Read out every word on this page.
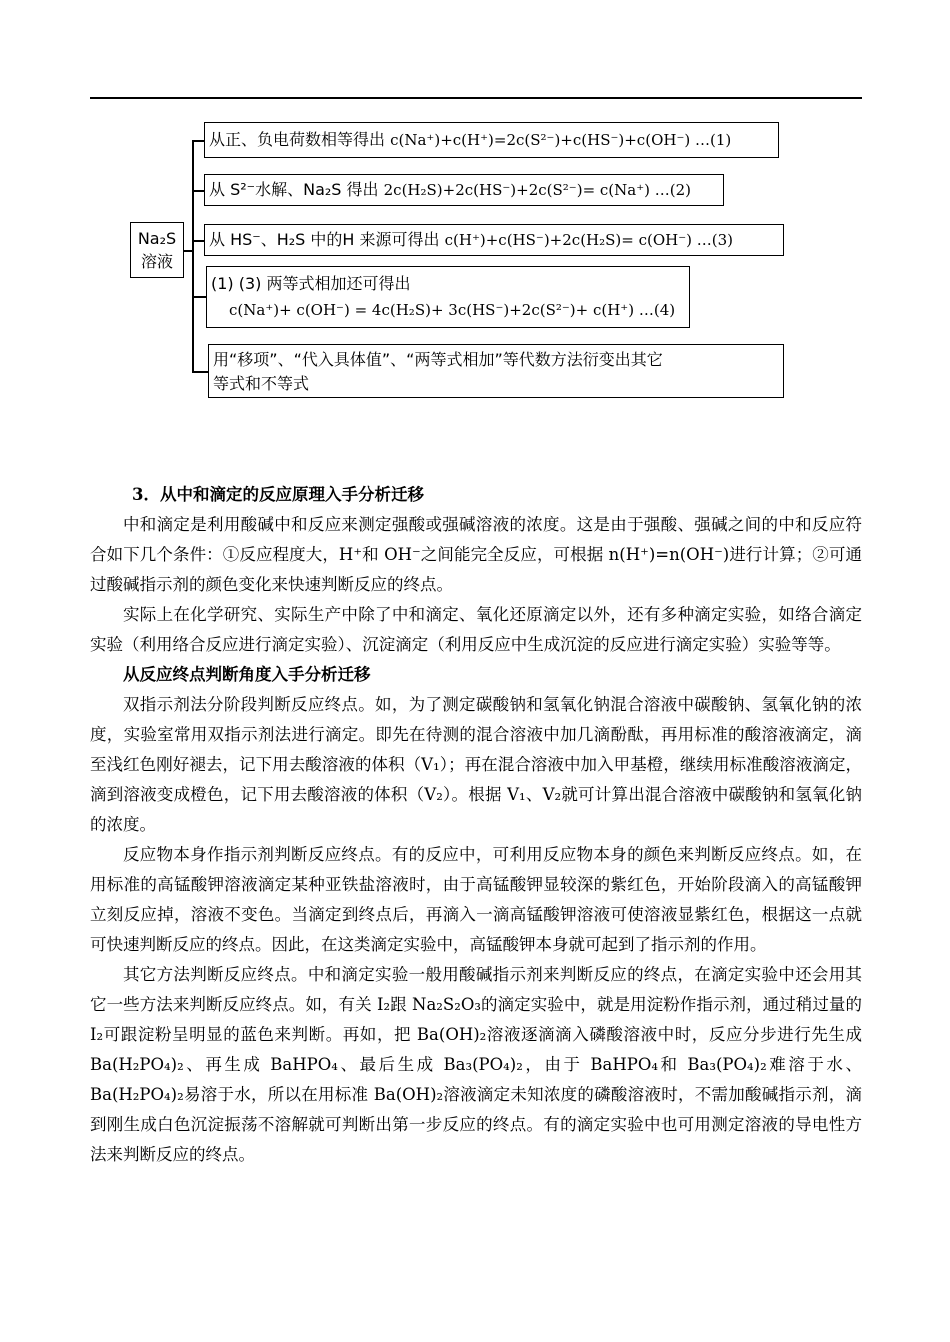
Na₂S
溶液
从正、负电荷数相等得出 c(Na⁺)+c(H⁺)=2c(S²⁻)+c(HS⁻)+c(OH⁻) …(1)
从 S²⁻水解、Na₂S 得出 2c(H₂S)+2c(HS⁻)+2c(S²⁻)= c(Na⁺) …(2)
从 HS⁻、H₂S 中的H 来源可得出 c(H⁺)+c(HS⁻)+2c(H₂S)= c(OH⁻) …(3)
(1) (3) 两等式相加还可得出
c(Na⁺)+ c(OH⁻) = 4c(H₂S)+ 3c(HS⁻)+2c(S²⁻)+ c(H⁺) …(4)
用“移项”、“代入具体值”、“两等式相加”等代数方法衍变出其它
等式和不等式
3．从中和滴定的反应原理入手分析迁移

中和滴定是利用酸碱中和反应来测定强酸或强碱溶液的浓度。这是由于强酸、强碱之间的中和反应符合如下几个条件：①反应程度大，H⁺和 OH⁻之间能完全反应，可根据 n(H⁺)=n(OH⁻)进行计算；②可通过酸碱指示剂的颜色变化来快速判断反应的终点。

实际上在化学研究、实际生产中除了中和滴定、氧化还原滴定以外，还有多种滴定实验，如络合滴定实验（利用络合反应进行滴定实验）、沉淀滴定（利用反应中生成沉淀的反应进行滴定实验）实验等等。

从反应终点判断角度入手分析迁移

双指示剂法分阶段判断反应终点。如，为了测定碳酸钠和氢氧化钠混合溶液中碳酸钠、氢氧化钠的浓度，实验室常用双指示剂法进行滴定。即先在待测的混合溶液中加几滴酚酞，再用标准的酸溶液滴定，滴至浅红色刚好褪去，记下用去酸溶液的体积（V₁）；再在混合溶液中加入甲基橙，继续用标准酸溶液滴定，滴到溶液变成橙色，记下用去酸溶液的体积（V₂）。根据 V₁、V₂就可计算出混合溶液中碳酸钠和氢氧化钠的浓度。

反应物本身作指示剂判断反应终点。有的反应中，可利用反应物本身的颜色来判断反应终点。如，在用标准的高锰酸钾溶液滴定某种亚铁盐溶液时，由于高锰酸钾显较深的紫红色，开始阶段滴入的高锰酸钾立刻反应掉，溶液不变色。当滴定到终点后，再滴入一滴高锰酸钾溶液可使溶液显紫红色，根据这一点就可快速判断反应的终点。因此，在这类滴定实验中，高锰酸钾本身就可起到了指示剂的作用。

其它方法判断反应终点。中和滴定实验一般用酸碱指示剂来判断反应的终点，在滴定实验中还会用其它一些方法来判断反应终点。如，有关 I₂跟 Na₂S₂O₃的滴定实验中，就是用淀粉作指示剂，通过稍过量的 I₂可跟淀粉呈明显的蓝色来判断。再如，把 Ba(OH)₂溶液逐滴滴入磷酸溶液中时，反应分步进行先生成 Ba(H₂PO₄)₂、再生成 BaHPO₄、最后生成 Ba₃(PO₄)₂，由于 BaHPO₄和 Ba₃(PO₄)₂难溶于水、Ba(H₂PO₄)₂易溶于水，所以在用标准 Ba(OH)₂溶液滴定未知浓度的磷酸溶液时，不需加酸碱指示剂，滴到刚生成白色沉淀振荡不溶解就可判断出第一步反应的终点。有的滴定实验中也可用测定溶液的导电性方法来判断反应的终点。
